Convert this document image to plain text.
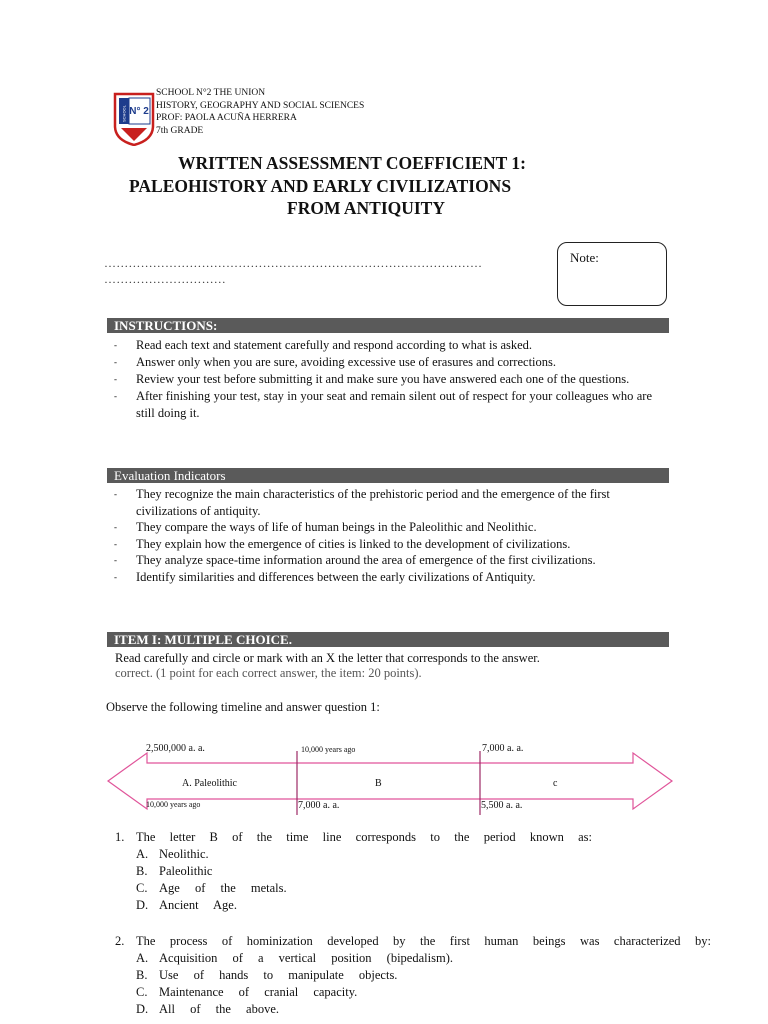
N° 2
SCHOOL
SCHOOL N°2 THE UNION
HISTORY, GEOGRAPHY AND SOCIAL SCIENCES
PROF: PAOLA ACUÑA HERRERA
7th GRADE
WRITTEN ASSESSMENT COEFFICIENT 1:
PALEOHISTORY AND EARLY CIVILIZATIONS
FROM ANTIQUITY
…………………………………………………………………………………
…………………………
Note:
INSTRUCTIONS:
- Read each text and statement carefully and respond according to what is asked.
- Answer only when you are sure, avoiding excessive use of erasures and corrections.
- Review your test before submitting it and make sure you have answered each one of the questions.
- After finishing your test, stay in your seat and remain silent out of respect for your colleagues who are still doing it.
Evaluation Indicators
- They recognize the main characteristics of the prehistoric period and the emergence of the first civilizations of antiquity.
- They compare the ways of life of human beings in the Paleolithic and Neolithic.
- They explain how the emergence of cities is linked to the development of civilizations.
- They analyze space-time information around the area of emergence of the first civilizations.
- Identify similarities and differences between the early civilizations of Antiquity.
ITEM I: MULTIPLE CHOICE.
Read carefully and circle or mark with an X the letter that corresponds to the answer.
correct. (1 point for each correct answer, the item: 20 points).
Observe the following timeline and answer question 1:
2,500,000 a. a.	10,000 years ago	7,000 a. a.
A. Paleolithic	B	c
10,000 years ago	7,000 a. a.	5,500 a. a.
1. The letter B of the time line corresponds to the period known as:
A. Neolithic.
B. Paleolithic
C. Age of the metals.
D. Ancient Age.
2. The process of hominization developed by the first human beings was characterized by:
A. Acquisition of a vertical position (bipedalism).
B. Use of hands to manipulate objects.
C. Maintenance of cranial capacity.
D. All of the above.
